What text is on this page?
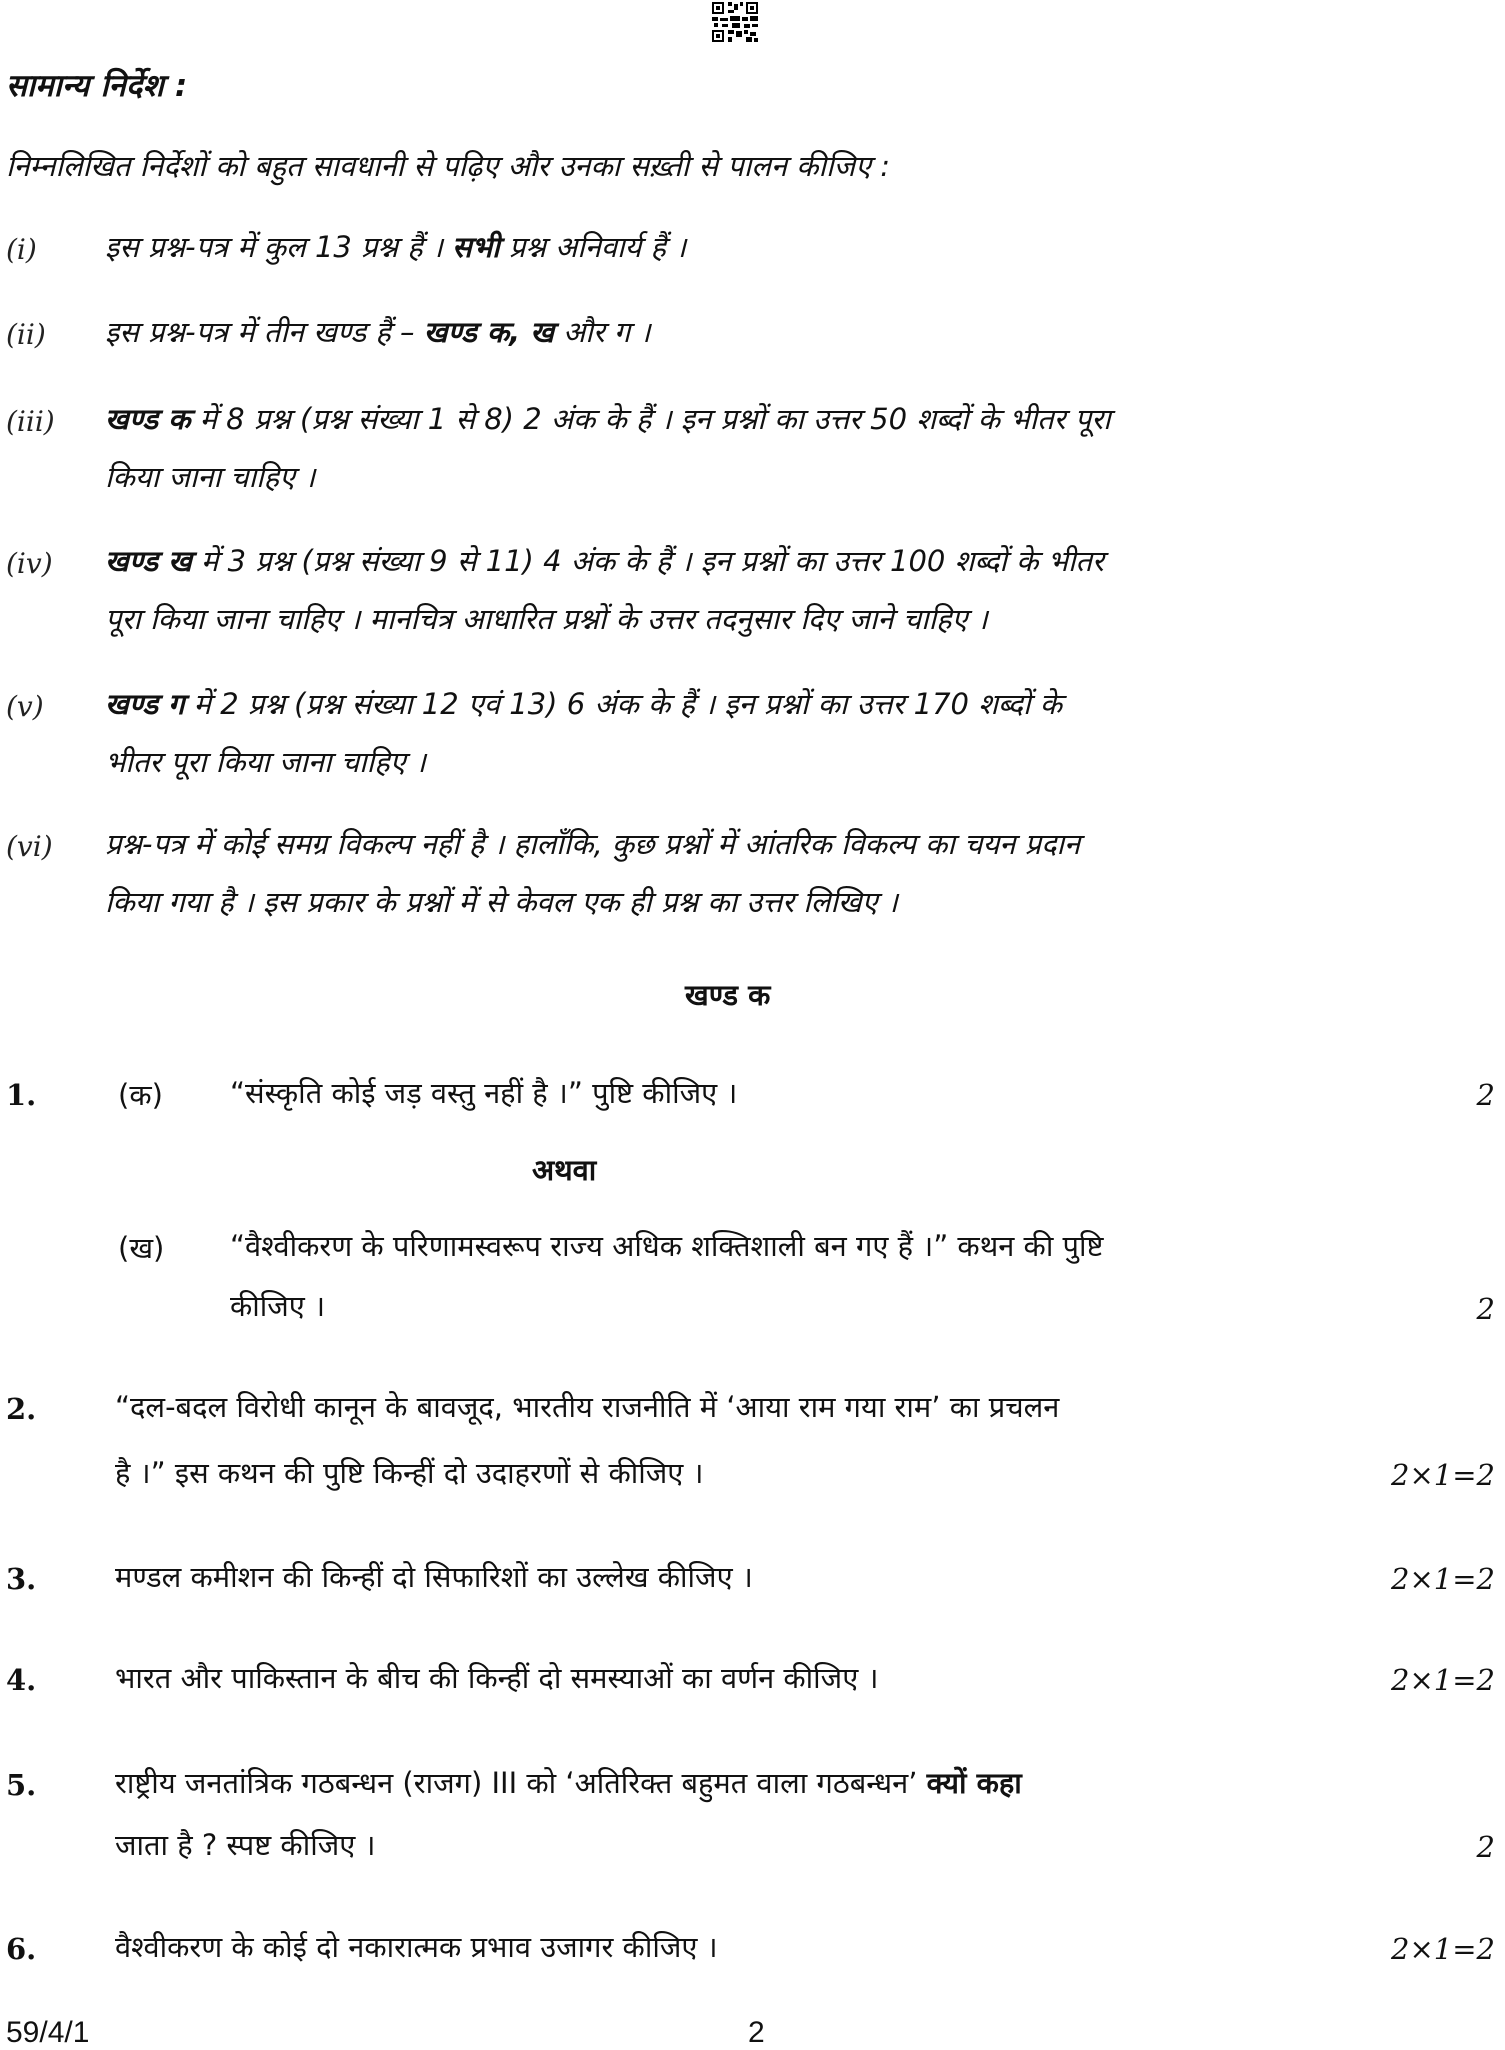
सामान्य निर्देश :
निम्नलिखित निर्देशों को बहुत सावधानी से पढ़िए और उनका सख़्ती से पालन कीजिए :
(i) इस प्रश्न-पत्र में कुल 13 प्रश्न हैं । सभी प्रश्न अनिवार्य हैं ।
(ii) इस प्रश्न-पत्र में तीन खण्ड हैं – खण्ड क, ख और ग ।
(iii) खण्ड क में 8 प्रश्न (प्रश्न संख्या 1 से 8) 2 अंक के हैं । इन प्रश्नों का उत्तर 50 शब्दों के भीतर पूरा
किया जाना चाहिए ।
(iv) खण्ड ख में 3 प्रश्न (प्रश्न संख्या 9 से 11) 4 अंक के हैं । इन प्रश्नों का उत्तर 100 शब्दों के भीतर
पूरा किया जाना चाहिए । मानचित्र आधारित प्रश्नों के उत्तर तदनुसार दिए जाने चाहिए ।
(v) खण्ड ग में 2 प्रश्न (प्रश्न संख्या 12 एवं 13) 6 अंक के हैं । इन प्रश्नों का उत्तर 170 शब्दों के
भीतर पूरा किया जाना चाहिए ।
(vi) प्रश्न-पत्र में कोई समग्र विकल्प नहीं है । हालाँकि, कुछ प्रश्नों में आंतरिक विकल्प का चयन प्रदान
किया गया है । इस प्रकार के प्रश्नों में से केवल एक ही प्रश्न का उत्तर लिखिए ।
खण्ड क
1.	(क) “संस्कृति कोई जड़ वस्तु नहीं है ।” पुष्टि कीजिए ।	2
अथवा
(ख) “वैश्वीकरण के परिणामस्वरूप राज्य अधिक शक्तिशाली बन गए हैं ।” कथन की पुष्टि
कीजिए ।	2
2.	“दल-बदल विरोधी कानून के बावजूद, भारतीय राजनीति में ‘आया राम गया राम’ का प्रचलन
है ।” इस कथन की पुष्टि किन्हीं दो उदाहरणों से कीजिए ।	2×1=2
3.	मण्डल कमीशन की किन्हीं दो सिफारिशों का उल्लेख कीजिए ।	2×1=2
4.	भारत और पाकिस्तान के बीच की किन्हीं दो समस्याओं का वर्णन कीजिए ।	2×1=2
5.	राष्ट्रीय जनतांत्रिक गठबन्धन (राजग) III को ‘अतिरिक्त बहुमत वाला गठबन्धन’ क्यों कहा
जाता है ? स्पष्ट कीजिए ।	2
6.	वैश्वीकरण के कोई दो नकारात्मक प्रभाव उजागर कीजिए ।	2×1=2
59/4/1	2
